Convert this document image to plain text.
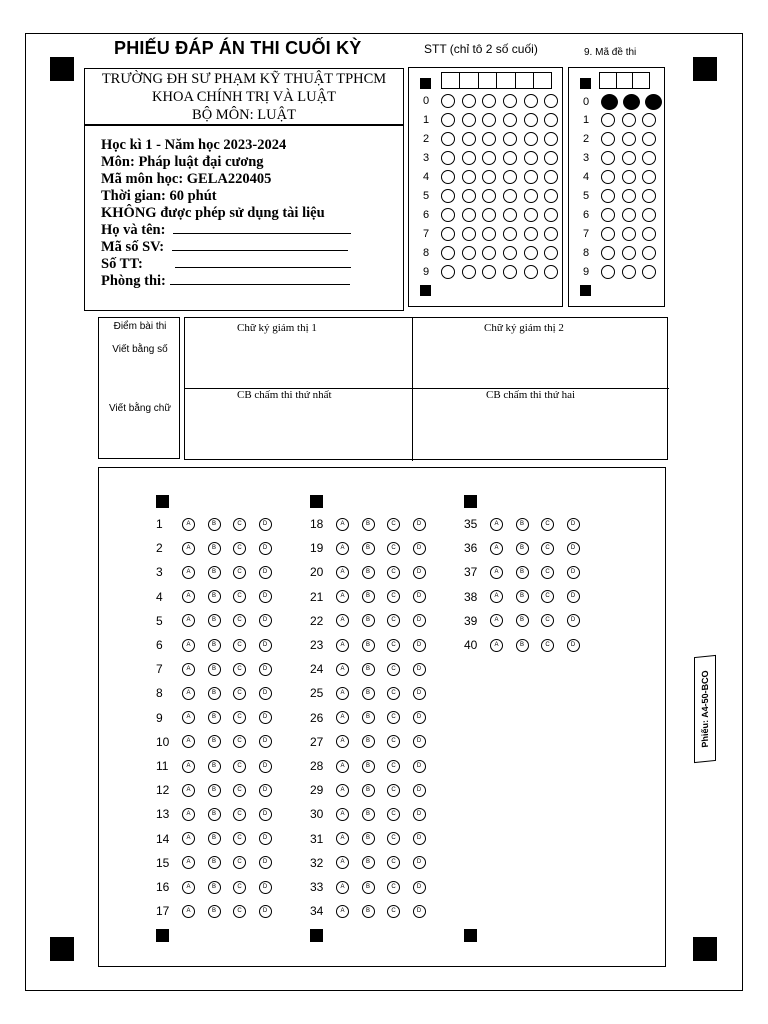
PHIẾU ĐÁP ÁN THI CUỐI KỲ
TRƯỜNG ĐH SƯ PHẠM KỸ THUẬT TPHCM
KHOA CHÍNH TRỊ VÀ LUẬT
BỘ MÔN: LUẬT
Học kì 1 - Năm học 2023-2024
Môn: Pháp luật đại cương
Mã môn học: GELA220405
Thời gian: 60 phút
KHÔNG được phép sử dụng tài liệu
Họ và tên:
Mã số SV:
Số TT:
Phòng thi:
STT (chỉ tô 2 số cuối)	9. Mã đề thi
0
1
2
3
4
5
6
7
8
9
0
1
2
3
4
5
6
7
8
9
Điểm bài thi
Viết bằng số
Viết bằng chữ
Chữ ký giám thị 1	Chữ ký giám thị 2
CB chấm thi thứ nhất	CB chấm thi thứ hai
1	A	B	C	D
2	A	B	C	D
3	A	B	C	D
4	A	B	C	D
5	A	B	C	D
6	A	B	C	D
7	A	B	C	D
8	A	B	C	D
9	A	B	C	D
10	A	B	C	D
11	A	B	C	D
12	A	B	C	D
13	A	B	C	D
14	A	B	C	D
15	A	B	C	D
16	A	B	C	D
17	A	B	C	D
18	A	B	C	D
19	A	B	C	D
20	A	B	C	D
21	A	B	C	D
22	A	B	C	D
23	A	B	C	D
24	A	B	C	D
25	A	B	C	D
26	A	B	C	D
27	A	B	C	D
28	A	B	C	D
29	A	B	C	D
30	A	B	C	D
31	A	B	C	D
32	A	B	C	D
33	A	B	C	D
34	A	B	C	D
35	A	B	C	D
36	A	B	C	D
37	A	B	C	D
38	A	B	C	D
39	A	B	C	D
40	A	B	C	D
Phiếu: A4-50-BCO
